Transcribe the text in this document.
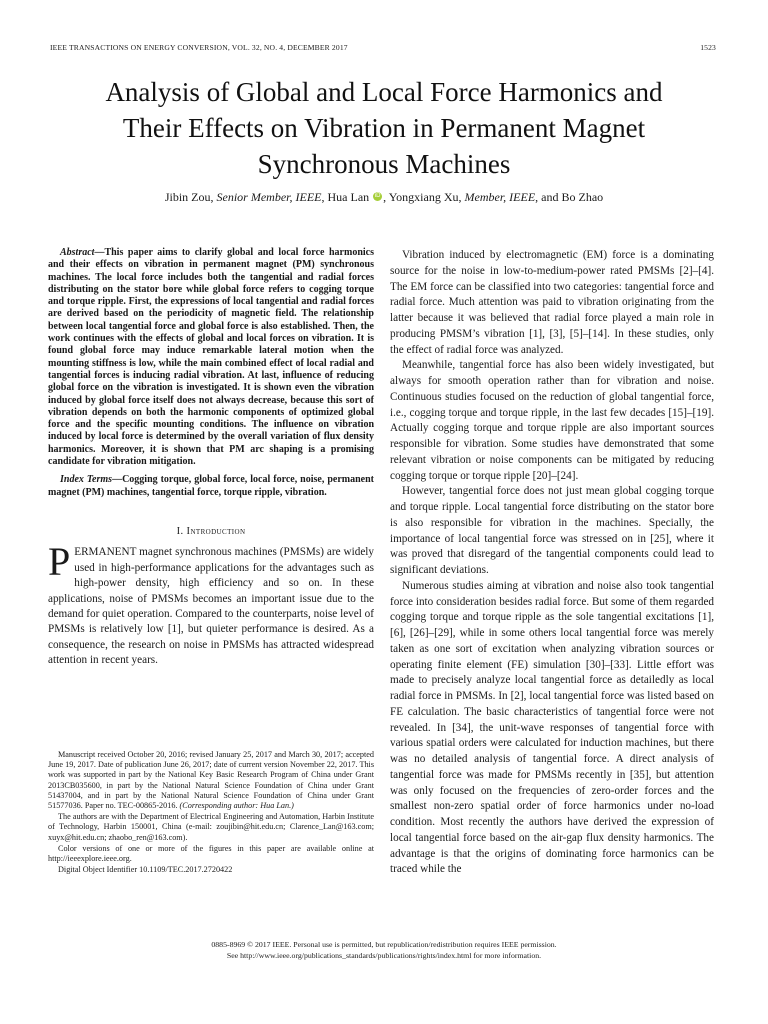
IEEE TRANSACTIONS ON ENERGY CONVERSION, VOL. 32, NO. 4, DECEMBER 2017	1523
Analysis of Global and Local Force Harmonics and
Their Effects on Vibration in Permanent Magnet
Synchronous Machines
Jibin Zou, Senior Member, IEEE, Hua Lan iD , Yongxiang Xu, Member, IEEE, and Bo Zhao

Abstract—This paper aims to clarify global and local force harmonics and their effects on vibration in permanent magnet (PM) synchronous machines. The local force includes both the tangential and radial forces distributing on the stator bore while global force refers to cogging torque and torque ripple. First, the expressions of local tangential and radial forces are derived based on the periodicity of magnetic field. The relationship between local tangential force and global force is also established. Then, the work continues with the effects of global and local forces on vibration. It is found global force may induce remarkable lateral motion when the mounting stiffness is low, while the main combined effect of local radial and tangential forces is inducing radial vibration. At last, influence of reducing global force on the vibration is investigated. It is shown even the vibration induced by global force itself does not always decrease, because this sort of vibration depends on both the harmonic components of optimized global force and the specific mounting conditions. The influence on vibration induced by local force is determined by the overall variation of flux density harmonics. Moreover, it is shown that PM arc shaping is a promising candidate for vibration mitigation.

Index Terms—Cogging torque, global force, local force, noise, permanent magnet (PM) machines, tangential force, torque ripple, vibration.

I. Introduction

PERMANENT magnet synchronous machines (PMSMs) are widely used in high-performance applications for the advantages such as high-power density, high efficiency and so on. In these applications, noise of PMSMs becomes an important issue due to the demand for quiet operation. Compared to the counterparts, noise level of PMSMs is relatively low [1], but quieter performance is desired. As a consequence, the research on noise in PMSMs has attracted widespread attention in recent years.

Manuscript received October 20, 2016; revised January 25, 2017 and March 30, 2017; accepted June 19, 2017. Date of publication June 26, 2017; date of current version November 22, 2017. This work was supported in part by the National Key Basic Research Program of China under Grant 2013CB035600, in part by the National Natural Science Foundation of China under Grant 51437004, and in part by the National Natural Science Foundation of China under Grant 51577036. Paper no. TEC-00865-2016. (Corresponding author: Hua Lan.)

The authors are with the Department of Electrical Engineering and Automation, Harbin Institute of Technology, Harbin 150001, China (e-mail: zoujibin@hit.edu.cn; Clarence_Lan@163.com; xuyx@hit.edu.cn; zhaobo_ren@163.com).

Color versions of one or more of the figures in this paper are available online at http://ieeexplore.ieee.org.

Digital Object Identifier 10.1109/TEC.2017.2720422

Vibration induced by electromagnetic (EM) force is a dominating source for the noise in low-to-medium-power rated PMSMs [2]–[4]. The EM force can be classified into two categories: tangential force and radial force. Much attention was paid to vibration originating from the latter because it was believed that radial force played a main role in producing PMSM’s vibration [1], [3], [5]–[14]. In these studies, only the effect of radial force was analyzed.

Meanwhile, tangential force has also been widely investigated, but always for smooth operation rather than for vibration and noise. Continuous studies focused on the reduction of global tangential force, i.e., cogging torque and torque ripple, in the last few decades [15]–[19]. Actually cogging torque and torque ripple are also important sources responsible for vibration. Some studies have demonstrated that some relevant vibration or noise components can be mitigated by reducing cogging torque or torque ripple [20]–[24].

However, tangential force does not just mean global cogging torque and torque ripple. Local tangential force distributing on the stator bore is also responsible for vibration in the machines. Specially, the importance of local tangential force was stressed on in [25], where it was proved that disregard of the tangential components could lead to significant deviations.

Numerous studies aiming at vibration and noise also took tangential force into consideration besides radial force. But some of them regarded cogging torque and torque ripple as the sole tangential excitations [1], [6], [26]–[29], while in some others local tangential force was merely taken as one sort of excitation when analyzing vibration sources or operating finite element (FE) simulation [30]–[33]. Little effort was made to precisely analyze local tangential force as detailedly as local radial force in PMSMs. In [2], local tangential force was listed based on FE calculation. The basic characteristics of tangential force were not revealed. In [34], the unit-wave responses of tangential force with various spatial orders were calculated for induction machines, but there was no detailed analysis of tangential force. A direct analysis of tangential force was made for PMSMs recently in [35], but attention was only focused on the frequencies of zero-order forces and the smallest non-zero spatial order of force harmonics under no-load condition. Most recently the authors have derived the expression of local tangential force based on the air-gap flux density harmonics. The advantage is that the origins of dominating force harmonics can be traced while the

0885-8969 © 2017 IEEE. Personal use is permitted, but republication/redistribution requires IEEE permission.
See http://www.ieee.org/publications_standards/publications/rights/index.html for more information.
